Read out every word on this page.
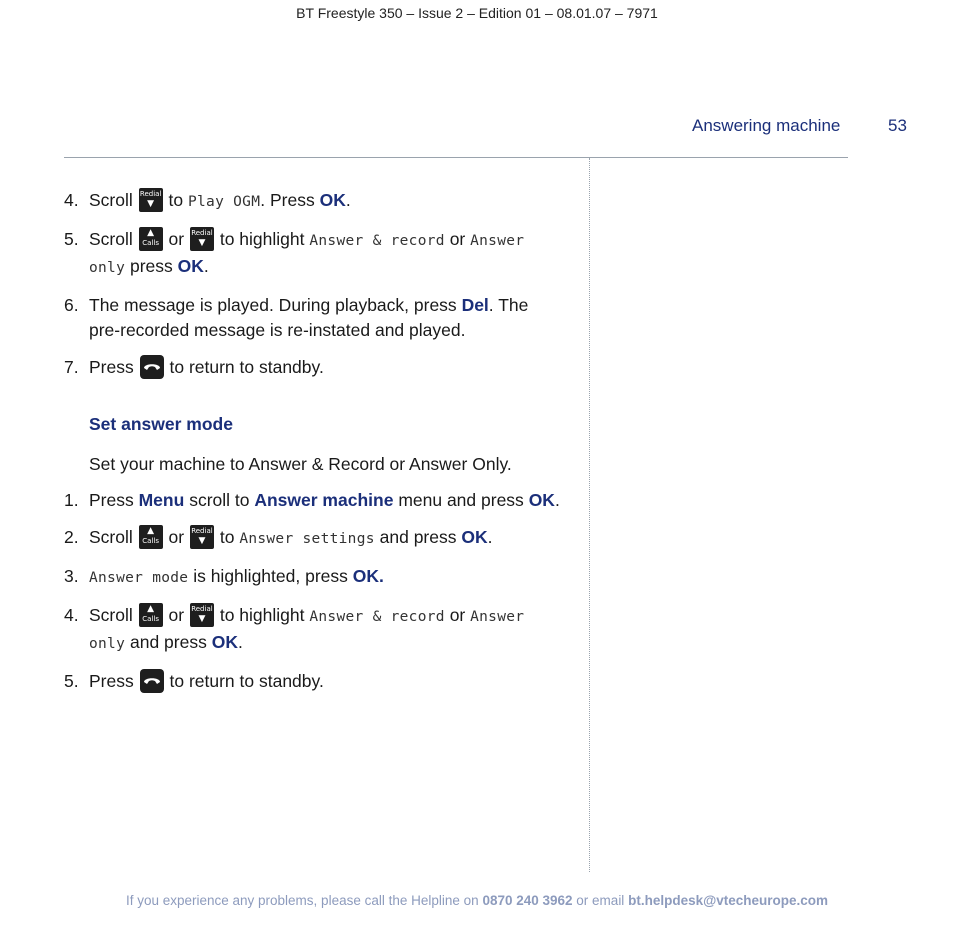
BT Freestyle 350 – Issue 2 – Edition 01 – 08.01.07 – 7971
Answering machine	53
4. Scroll Redial
▼ to Play OGM. Press OK.
5. Scroll	▲
Calls or Redial
▼ to highlight Answer & record or Answer only press OK.
6. The message is played. During playback, press Del. The pre-recorded message is re-instated and played.
7. Press to return to standby.
Set answer mode
Set your machine to Answer & Record or Answer Only.
1. Press Menu scroll to Answer machine menu and press OK.
2. Scroll	▲
Calls or Redial
▼ to Answer settings and press OK.
3. Answer mode is highlighted, press OK.
4. Scroll	▲
Calls or Redial
▼ to highlight Answer & record or Answer only and press OK.
5. Press to return to standby.
If you experience any problems, please call the Helpline on 0870 240 3962 or email bt.helpdesk@vtecheurope.com
